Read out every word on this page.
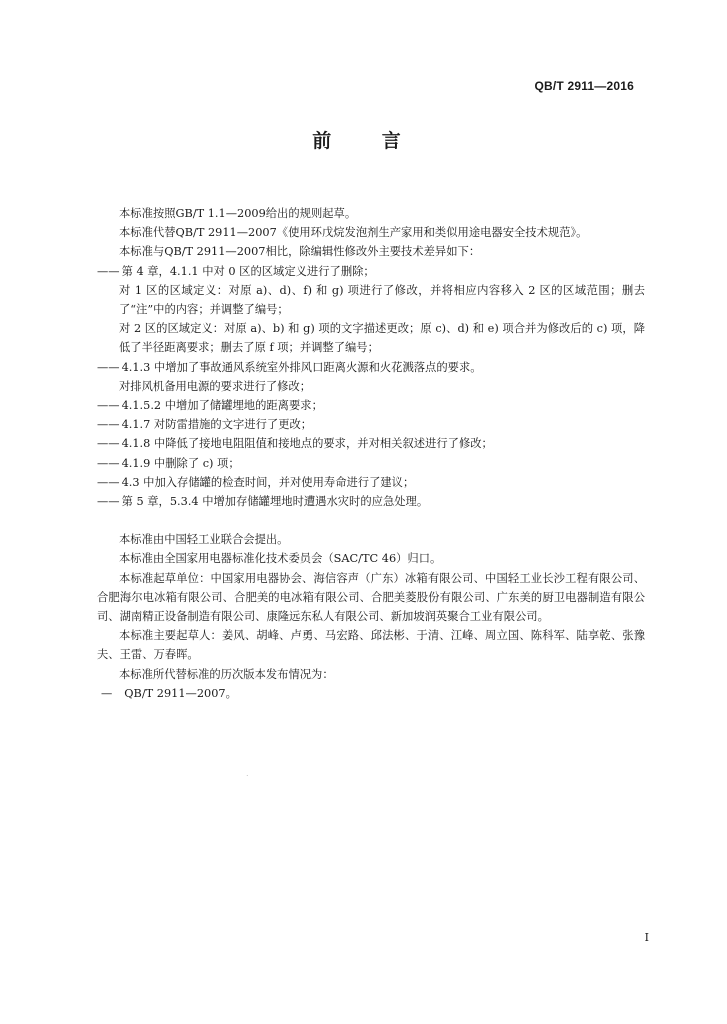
QB/T 2911—2016
前 言

本标准按照GB/T 1.1—2009给出的规则起草。

本标准代替QB/T 2911—2007《使用环戊烷发泡剂生产家用和类似用途电器安全技术规范》。

本标准与QB/T 2911—2007相比，除编辑性修改外主要技术差异如下：

—— 第 4 章，4.1.1 中对 0 区的区域定义进行了删除；

对 1 区的区域定义：对原 a)、d)、f) 和 g) 项进行了修改，并将相应内容移入 2 区的区域范围；删去了“注”中的内容；并调整了编号；

对 2 区的区域定义：对原 a)、b) 和 g) 项的文字描述更改；原 c)、d) 和 e) 项合并为修改后的 c) 项，降低了半径距离要求；删去了原 f 项；并调整了编号；

—— 4.1.3 中增加了事故通风系统室外排风口距离火源和火花溅落点的要求。

对排风机备用电源的要求进行了修改；

—— 4.1.5.2 中增加了储罐埋地的距离要求；
—— 4.1.7 对防雷措施的文字进行了更改；
—— 4.1.8 中降低了接地电阻阻值和接地点的要求，并对相关叙述进行了修改；
—— 4.1.9 中删除了 c) 项；
—— 4.3 中加入存储罐的检查时间，并对使用寿命进行了建议；
—— 第 5 章，5.3.4 中增加存储罐埋地时遭遇水灾时的应急处理。

本标准由中国轻工业联合会提出。

本标准由全国家用电器标准化技术委员会（SAC/TC 46）归口。

本标准起草单位：中国家用电器协会、海信容声（广东）冰箱有限公司、中国轻工业长沙工程有限公司、合肥海尔电冰箱有限公司、合肥美的电冰箱有限公司、合肥美菱股份有限公司、广东美的厨卫电器制造有限公司、湖南精正设备制造有限公司、康隆远东私人有限公司、新加坡润英聚合工业有限公司。

本标准主要起草人：姜风、胡峰、卢勇、马宏路、邱法彬、于清、江峰、周立国、陈科军、陆享乾、张豫夫、王雷、万春晖。

本标准所代替标准的历次版本发布情况为：

— QB/T 2911—2007。
.
I
